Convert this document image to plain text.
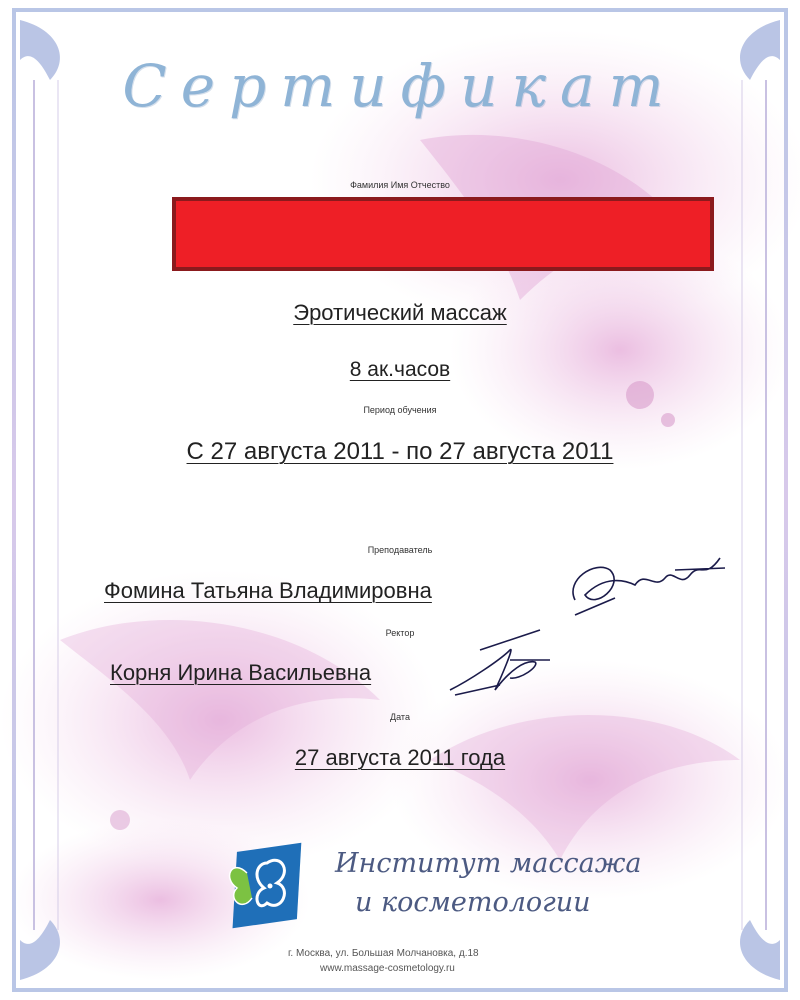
Сертификат
Фамилия Имя Отчество
Эротический массаж
8 ак.часов
Период обучения
С 27 августа 2011 - по 27 августа 2011
Преподаватель
Фомина Татьяна Владимировна
Ректор
Корня Ирина Васильевна
Дата
27 августа 2011 года
Институт массажа
и косметологии
г. Москва, ул. Большая Молчановка, д.18
www.massage-cosmetology.ru
